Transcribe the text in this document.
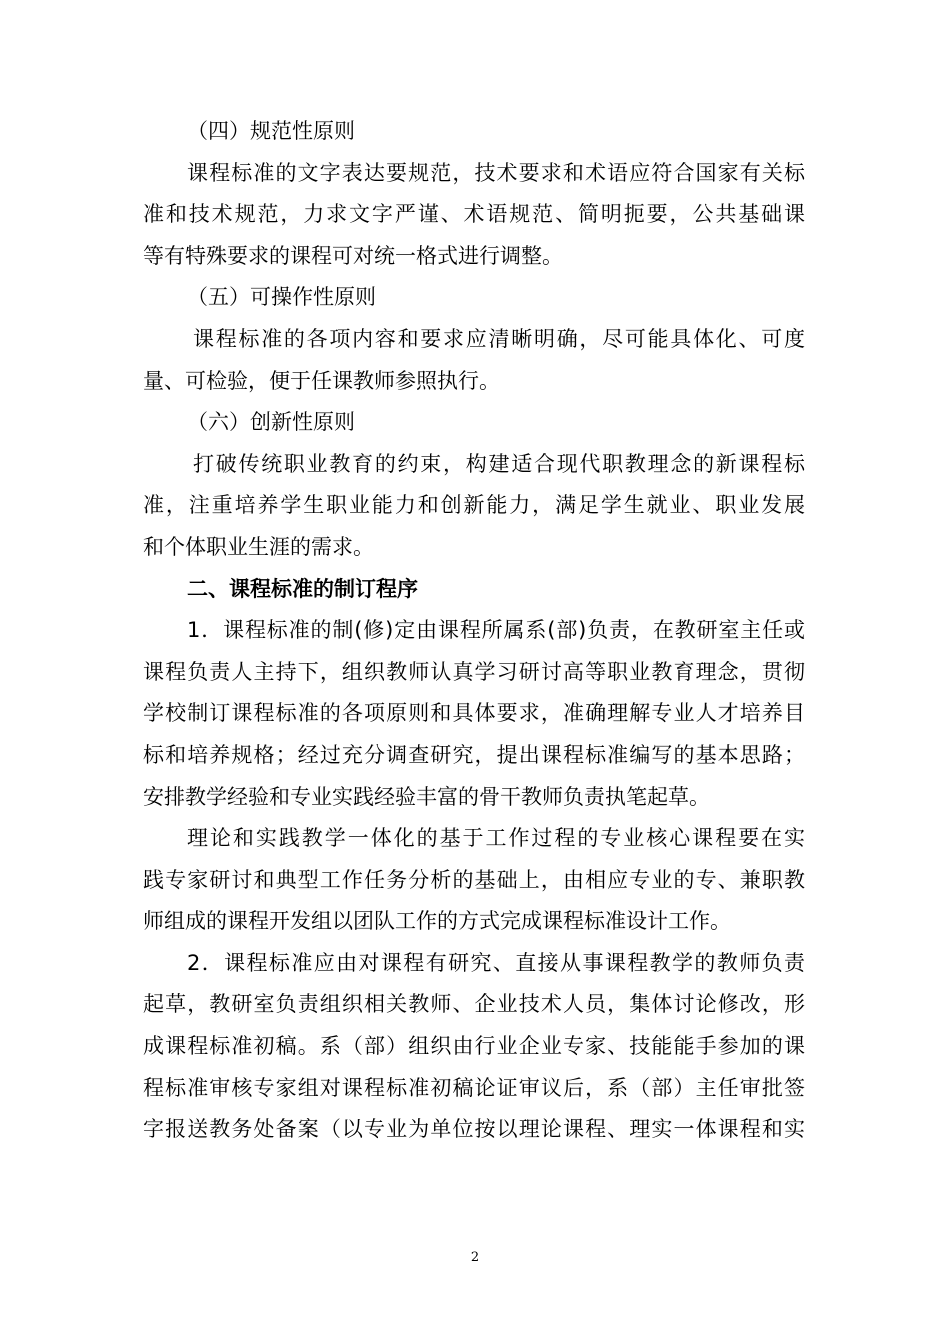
（四）规范性原则
课程标准的文字表达要规范，技术要求和术语应符合国家有关标
准和技术规范，力求文字严谨、术语规范、简明扼要，公共基础课
等有特殊要求的课程可对统一格式进行调整。
（五）可操作性原则
课程标准的各项内容和要求应清晰明确，尽可能具体化、可度
量、可检验，便于任课教师参照执行。
（六）创新性原则
打破传统职业教育的约束，构建适合现代职教理念的新课程标
准，注重培养学生职业能力和创新能力，满足学生就业、职业发展
和个体职业生涯的需求。
二、课程标准的制订程序
1．课程标准的制(修)定由课程所属系(部)负责，在教研室主任或
课程负责人主持下，组织教师认真学习研讨高等职业教育理念，贯彻
学校制订课程标准的各项原则和具体要求，准确理解专业人才培养目
标和培养规格；经过充分调查研究，提出课程标准编写的基本思路；
安排教学经验和专业实践经验丰富的骨干教师负责执笔起草。
理论和实践教学一体化的基于工作过程的专业核心课程要在实
践专家研讨和典型工作任务分析的基础上，由相应专业的专、兼职教
师组成的课程开发组以团队工作的方式完成课程标准设计工作。
2．课程标准应由对课程有研究、直接从事课程教学的教师负责
起草，教研室负责组织相关教师、企业技术人员，集体讨论修改，形
成课程标准初稿。系（部）组织由行业企业专家、技能能手参加的课
程标准审核专家组对课程标准初稿论证审议后，系（部）主任审批签
字报送教务处备案（以专业为单位按以理论课程、理实一体课程和实
2
